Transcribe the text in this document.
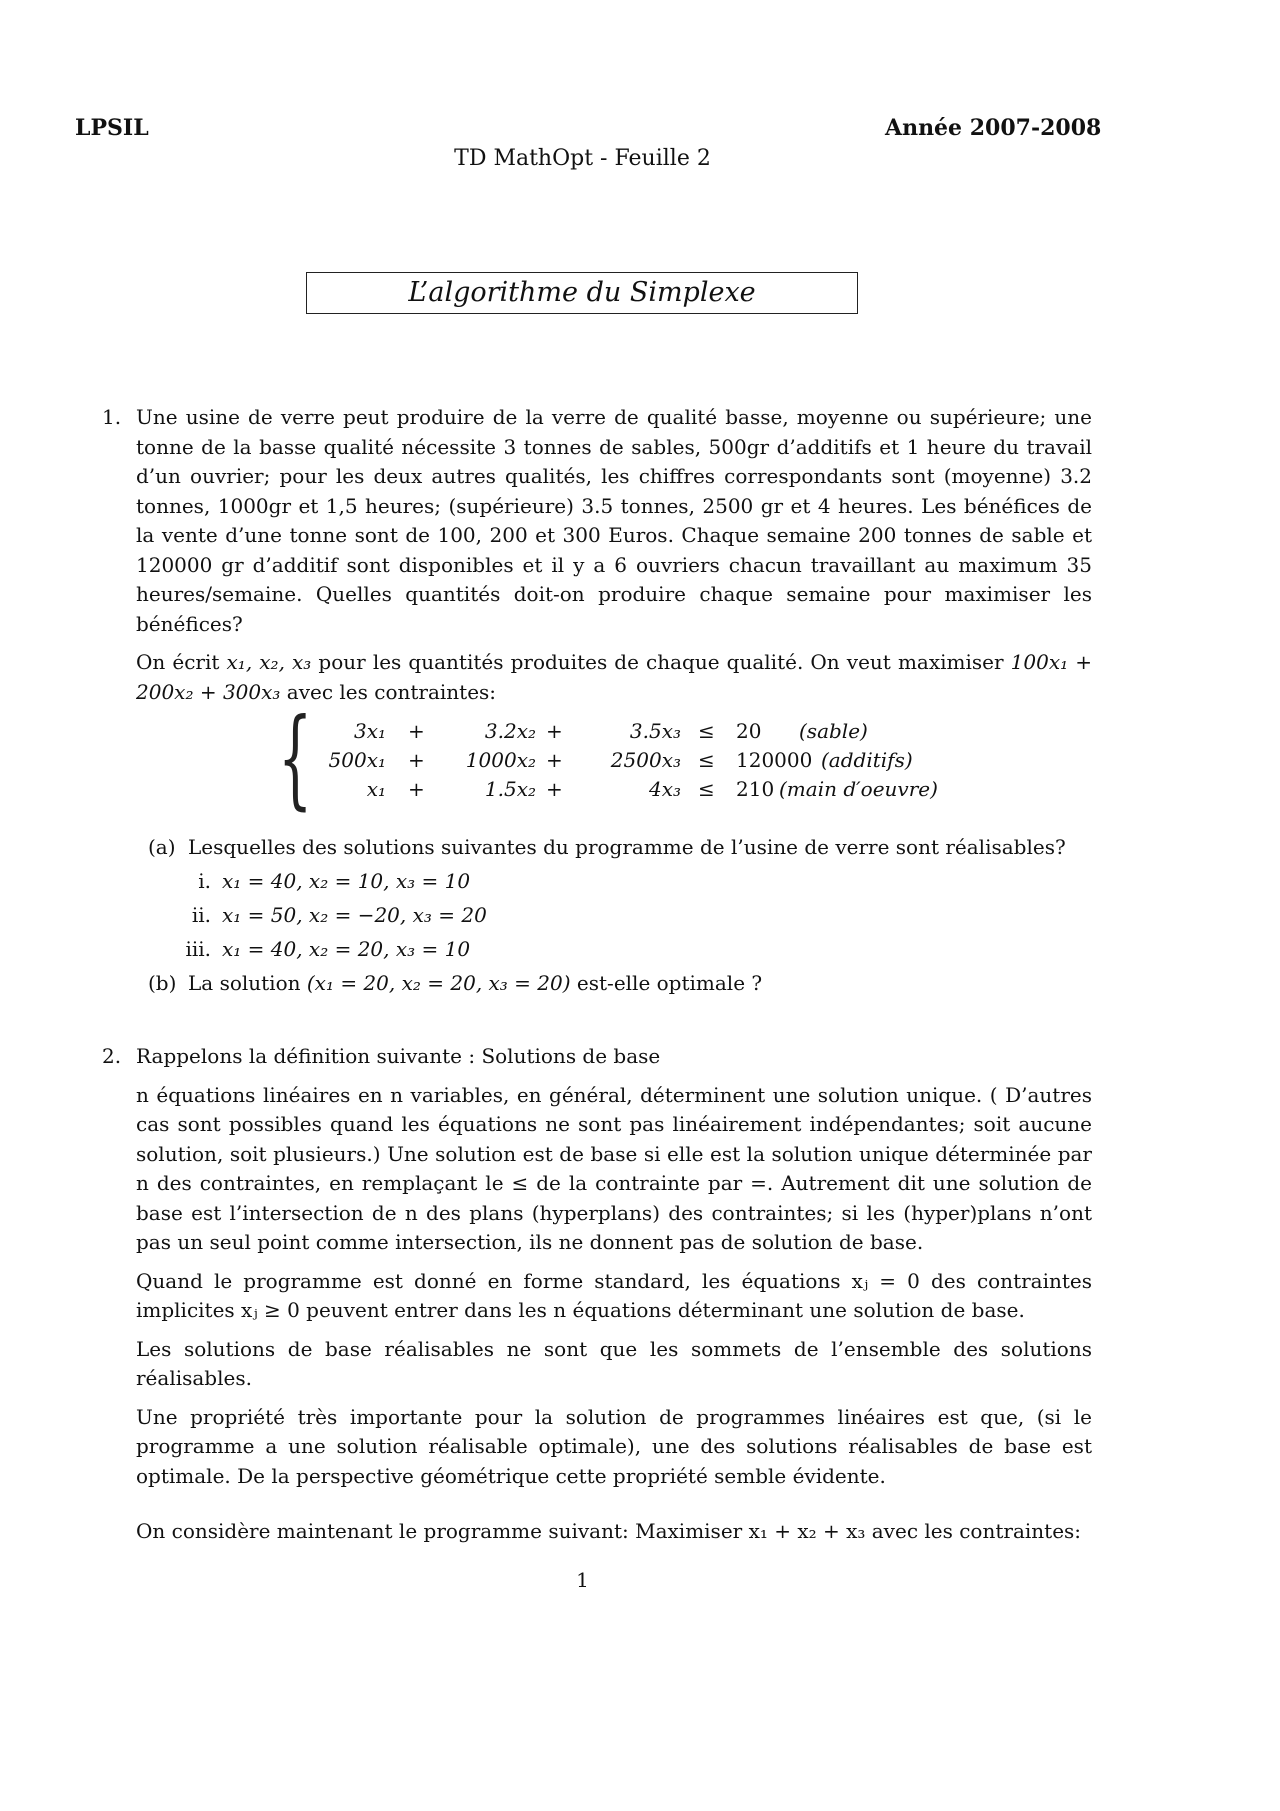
LPSIL	Année 2007-2008
TD MathOpt - Feuille 2
L’algorithme du Simplexe
1. Une usine de verre peut produire de la verre de qualité basse, moyenne ou supérieure; une tonne de la basse qualité nécessite 3 tonnes de sables, 500gr d’additifs et 1 heure du travail d’un ouvrier; pour les deux autres qualités, les chiffres correspondants sont (moyenne) 3.2 tonnes, 1000gr et 1,5 heures; (supérieure) 3.5 tonnes, 2500 gr et 4 heures. Les bénéfices de la vente d’une tonne sont de 100, 200 et 300 Euros. Chaque semaine 200 tonnes de sable et 120000 gr d’additif sont disponibles et il y a 6 ouvriers chacun travaillant au maximum 35 heures/semaine. Quelles quantités doit-on produire chaque semaine pour maximiser les bénéfices?

On écrit x₁, x₂, x₃ pour les quantités produites de chaque qualité. On veut maximiser 100x₁ + 200x₂ + 300x₃ avec les contraintes:

{ 3x₁ +	3.2x₂ +	3.5x₃ ≤ 20 (sable)
500x₁ + 1000x₂ + 2500x₃ ≤ 120000 (additifs)
x₁ +	1.5x₂ +	4x₃ ≤ 210 (main d′oeuvre)
(a) Lesquelles des solutions suivantes du programme de l’usine de verre sont réalisables?
i. x₁ = 40, x₂ = 10, x₃ = 10
ii. x₁ = 50, x₂ = −20, x₃ = 20
iii. x₁ = 40, x₂ = 20, x₃ = 10
(b) La solution (x₁ = 20, x₂ = 20, x₃ = 20) est-elle optimale ?
2. Rappelons la définition suivante : Solutions de base

n équations linéaires en n variables, en général, déterminent une solution unique. ( D’autres cas sont possibles quand les équations ne sont pas linéairement indépendantes; soit aucune solution, soit plusieurs.) Une solution est de base si elle est la solution unique déterminée par n des contraintes, en remplaçant le ≤ de la contrainte par =. Autrement dit une solution de base est l’intersection de n des plans (hyperplans) des contraintes; si les (hyper)plans n’ont pas un seul point comme intersection, ils ne donnent pas de solution de base.

Quand le programme est donné en forme standard, les équations xⱼ = 0 des contraintes implicites xⱼ ≥ 0 peuvent entrer dans les n équations déterminant une solution de base.

Les solutions de base réalisables ne sont que les sommets de l’ensemble des solutions réalisables.

Une propriété très importante pour la solution de programmes linéaires est que, (si le programme a une solution réalisable optimale), une des solutions réalisables de base est optimale. De la perspective géométrique cette propriété semble évidente.

On considère maintenant le programme suivant: Maximiser x₁ + x₂ + x₃ avec les contraintes:

1
